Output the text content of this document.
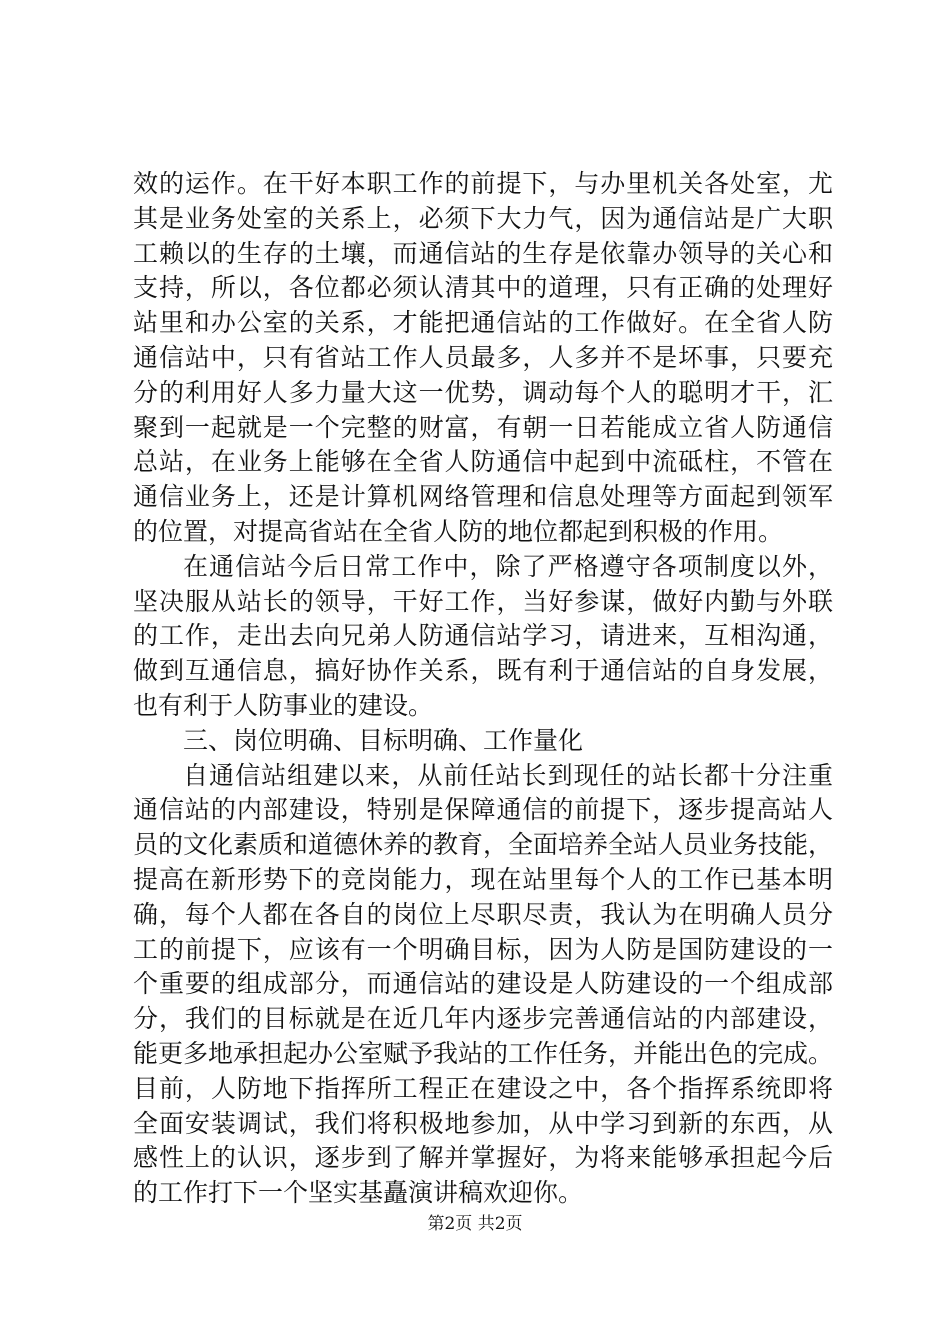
效的运作。在干好本职工作的前提下，与办里机关各处室，尤
其是业务处室的关系上，必须下大力气，因为通信站是广大职
工赖以的生存的土壤，而通信站的生存是依靠办领导的关心和
支持，所以，各位都必须认清其中的道理，只有正确的处理好
站里和办公室的关系，才能把通信站的工作做好。在全省人防
通信站中，只有省站工作人员最多，人多并不是坏事，只要充
分的利用好人多力量大这一优势，调动每个人的聪明才干，汇
聚到一起就是一个完整的财富，有朝一日若能成立省人防通信
总站，在业务上能够在全省人防通信中起到中流砥柱，不管在
通信业务上，还是计算机网络管理和信息处理等方面起到领军
的位置，对提高省站在全省人防的地位都起到积极的作用。
在通信站今后日常工作中，除了严格遵守各项制度以外，
坚决服从站长的领导，干好工作，当好参谋，做好内勤与外联
的工作，走出去向兄弟人防通信站学习，请进来，互相沟通，
做到互通信息，搞好协作关系，既有利于通信站的自身发展，
也有利于人防事业的建设。
三、岗位明确、目标明确、工作量化
自通信站组建以来，从前任站长到现任的站长都十分注重
通信站的内部建设，特别是保障通信的前提下，逐步提高站人
员的文化素质和道德休养的教育，全面培养全站人员业务技能，
提高在新形势下的竞岗能力，现在站里每个人的工作已基本明
确，每个人都在各自的岗位上尽职尽责，我认为在明确人员分
工的前提下，应该有一个明确目标，因为人防是国防建设的一
个重要的组成部分，而通信站的建设是人防建设的一个组成部
分，我们的目标就是在近几年内逐步完善通信站的内部建设，
能更多地承担起办公室赋予我站的工作任务，并能出色的完成。
目前，人防地下指挥所工程正在建设之中，各个指挥系统即将
全面安装调试，我们将积极地参加，从中学习到新的东西，从
感性上的认识，逐步到了解并掌握好，为将来能够承担起今后
的工作打下一个坚实基矗演讲稿欢迎你。
第2页 共2页
